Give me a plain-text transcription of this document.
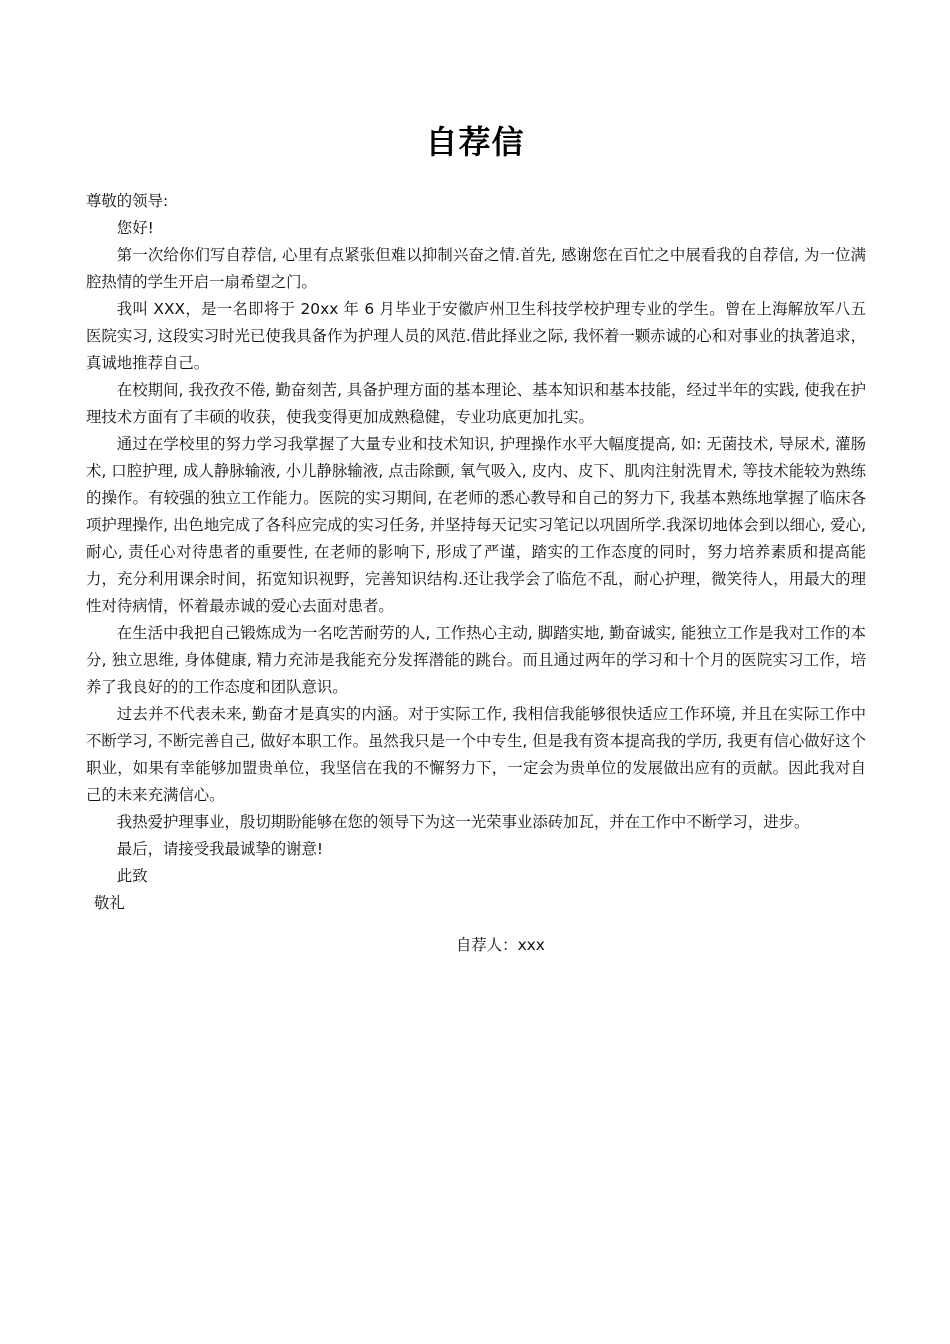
自荐信

尊敬的领导:

您好!

第一次给你们写自荐信, 心里有点紧张但难以抑制兴奋之情.首先, 感谢您在百忙之中展看我的自荐信, 为一位满腔热情的学生开启一扇希望之门。

我叫 XXX，是一名即将于 20xx 年 6 月毕业于安徽庐州卫生科技学校护理专业的学生。曾在上海解放军八五医院实习, 这段实习时光已使我具备作为护理人员的风范.借此择业之际, 我怀着一颗赤诚的心和对事业的执著追求，真诚地推荐自己。

在校期间, 我孜孜不倦, 勤奋刻苦, 具备护理方面的基本理论、基本知识和基本技能，经过半年的实践, 使我在护理技术方面有了丰硕的收获，使我变得更加成熟稳健，专业功底更加扎实。

通过在学校里的努力学习我掌握了大量专业和技术知识, 护理操作水平大幅度提高, 如: 无菌技术, 导尿术, 灌肠术, 口腔护理, 成人静脉输液, 小儿静脉输液, 点击除颤, 氧气吸入, 皮内、皮下、肌肉注射洗胃术, 等技术能较为熟练的操作。有较强的独立工作能力。医院的实习期间, 在老师的悉心教导和自己的努力下, 我基本熟练地掌握了临床各项护理操作, 出色地完成了各科应完成的实习任务, 并坚持每天记实习笔记以巩固所学.我深切地体会到以细心, 爱心, 耐心, 责任心对待患者的重要性, 在老师的影响下, 形成了严谨，踏实的工作态度的同时，努力培养素质和提高能力，充分利用课余时间，拓宽知识视野，完善知识结构.还让我学会了临危不乱，耐心护理，微笑待人，用最大的理性对待病情，怀着最赤诚的爱心去面对患者。

在生活中我把自己锻炼成为一名吃苦耐劳的人, 工作热心主动, 脚踏实地, 勤奋诚实, 能独立工作是我对工作的本分, 独立思维, 身体健康, 精力充沛是我能充分发挥潜能的跳台。而且通过两年的学习和十个月的医院实习工作，培养了我良好的的工作态度和团队意识。

过去并不代表未来, 勤奋才是真实的内涵。对于实际工作, 我相信我能够很快适应工作环境, 并且在实际工作中不断学习, 不断完善自己, 做好本职工作。虽然我只是一个中专生, 但是我有资本提高我的学历, 我更有信心做好这个职业，如果有幸能够加盟贵单位，我坚信在我的不懈努力下，一定会为贵单位的发展做出应有的贡献。因此我对自己的未来充满信心。

我热爱护理事业，殷切期盼能够在您的领导下为这一光荣事业添砖加瓦，并在工作中不断学习，进步。

最后，请接受我最诚挚的谢意!

此致

敬礼

自荐人：xxx
